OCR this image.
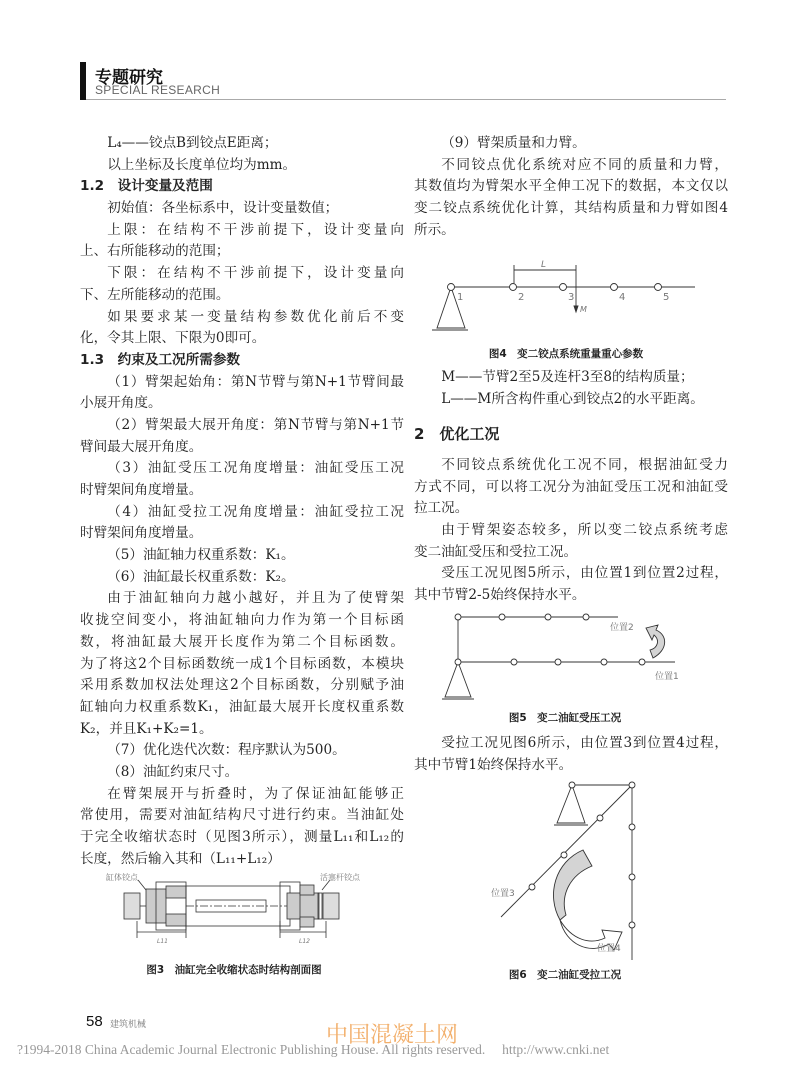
专题研究
SPECIAL RESEARCH
L₄——铰点B到铰点E距离；
以上坐标及长度单位均为mm。
1.2　设计变量及范围
初始值：各坐标系中，设计变量数值；
上限：在结构不干涉前提下，设计变量向
上、右所能移动的范围；
下限：在结构不干涉前提下，设计变量向
下、左所能移动的范围。
如果要求某一变量结构参数优化前后不变
化，令其上限、下限为0即可。
1.3　约束及工况所需参数
（1）臂架起始角：第N节臂与第N+1节臂间最
小展开角度。
（2）臂架最大展开角度：第N节臂与第N+1节
臂间最大展开角度。
（3）油缸受压工况角度增量：油缸受压工况
时臂架间角度增量。
（4）油缸受拉工况角度增量：油缸受拉工况
时臂架间角度增量。
（5）油缸轴力权重系数：K₁。
（6）油缸最长权重系数：K₂。
由于油缸轴向力越小越好，并且为了使臂架
收拢空间变小，将油缸轴向力作为第一个目标函
数，将油缸最大展开长度作为第二个目标函数。
为了将这2个目标函数统一成1个目标函数，本模块
采用系数加权法处理这2个目标函数，分别赋予油
缸轴向力权重系数K₁，油缸最大展开长度权重系数
K₂，并且K₁+K₂=1。
（7）优化迭代次数：程序默认为500。
（8）油缸约束尺寸。
在臂架展开与折叠时，为了保证油缸能够正
常使用，需要对油缸结构尺寸进行约束。当油缸处
于完全收缩状态时（见图3所示），测量L₁₁和L₁₂的
长度，然后输入其和（L₁₁+L₁₂）
（9）臂架质量和力臂。
不同铰点优化系统对应不同的质量和力臂，
其数值均为臂架水平全伸工况下的数据，本文仅以
变二铰点系统优化计算，其结构质量和力臂如图4
所示。
M——节臂2至5及连杆3至8的结构质量；
L——M所含构件重心到铰点2的水平距离。
2　优化工况
不同铰点系统优化工况不同，根据油缸受力
方式不同，可以将工况分为油缸受压工况和油缸受
拉工况。
由于臂架姿态较多，所以变二铰点系统考虑
变二油缸受压和受拉工况。
受压工况见图5所示，由位置1到位置2过程，
其中节臂2-5始终保持水平。
受拉工况见图6所示，由位置3到位置4过程，
其中节臂1始终保持水平。
缸体铰点	活塞杆铰点
L11	L12
1	2	3	4	5
L
M
位置2
位置1
位置3
位置4
图3　油缸完全收缩状态时结构剖面图
图4　变二铰点系统重量重心参数
图5　变二油缸受压工况
图6　变二油缸受拉工况
58 建筑机械	中国混凝土网
?1994-2018 China Academic Journal Electronic Publishing House. All rights reserved.　 http://www.cnki.net
